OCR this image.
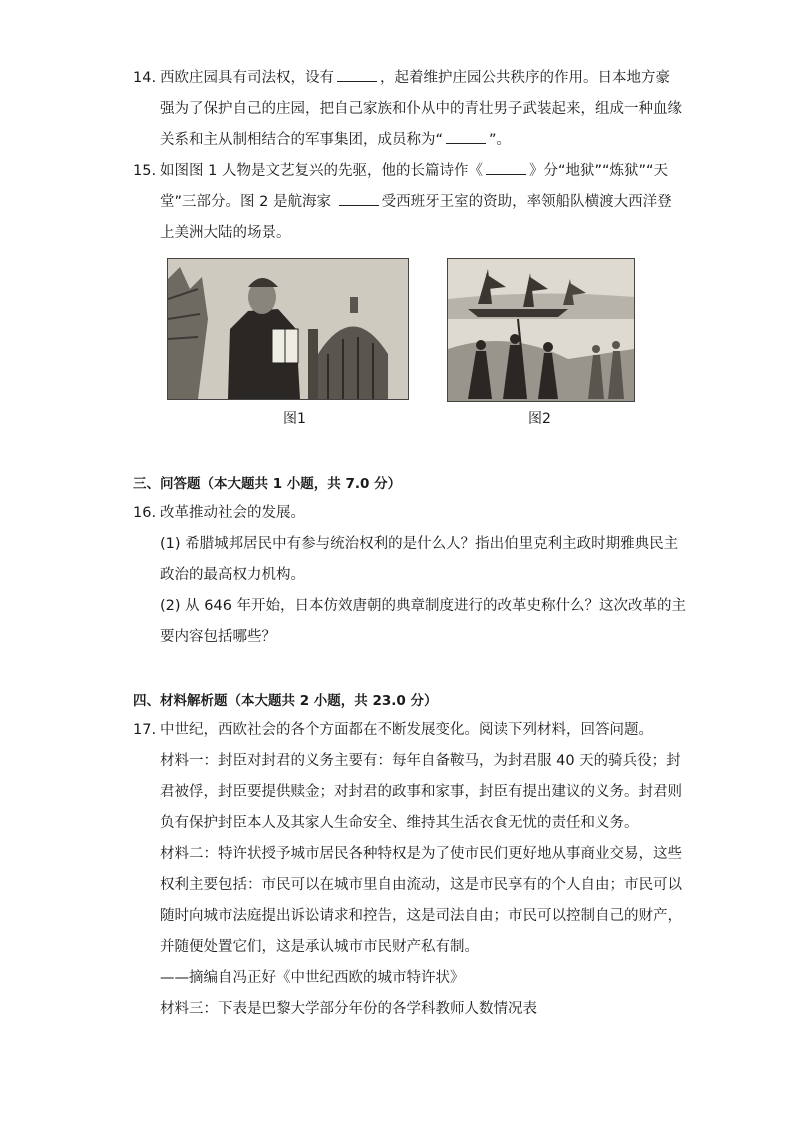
14. 西欧庄园具有司法权，设有	，起着维护庄园公共秩序的作用。日本地方豪
强为了保护自己的庄园，把自己家族和仆从中的青壮男子武装起来，组成一种血缘
关系和主从制相结合的军事集团，成员称为“	”。
15. 如图图 1 人物是文艺复兴的先驱，他的长篇诗作《	》分“地狱”“炼狱”“天
堂”三部分。图 2 是航海家	受西班牙王室的资助，率领船队横渡大西洋登
上美洲大陆的场景。
图1	图2
三、问答题（本大题共 1 小题，共 7.0 分）
16. 改革推动社会的发展。
(1) 希腊城邦居民中有参与统治权利的是什么人？指出伯里克利主政时期雅典民主
政治的最高权力机构。
(2) 从 646 年开始，日本仿效唐朝的典章制度进行的改革史称什么？这次改革的主
要内容包括哪些？
四、材料解析题（本大题共 2 小题，共 23.0 分）
17. 中世纪，西欧社会的各个方面都在不断发展变化。阅读下列材料，回答问题。
材料一：封臣对封君的义务主要有：每年自备鞍马，为封君服 40 天的骑兵役；封
君被俘，封臣要提供赎金；对封君的政事和家事，封臣有提出建议的义务。封君则
负有保护封臣本人及其家人生命安全、维持其生活衣食无忧的责任和义务。
材料二：特许状授予城市居民各种特权是为了使市民们更好地从事商业交易，这些
权利主要包括：市民可以在城市里自由流动，这是市民享有的个人自由；市民可以
随时向城市法庭提出诉讼请求和控告，这是司法自由；市民可以控制自己的财产，
并随便处置它们，这是承认城市市民财产私有制。
——摘编自冯正好《中世纪西欧的城市特许状》
材料三：下表是巴黎大学部分年份的各学科教师人数情况表
